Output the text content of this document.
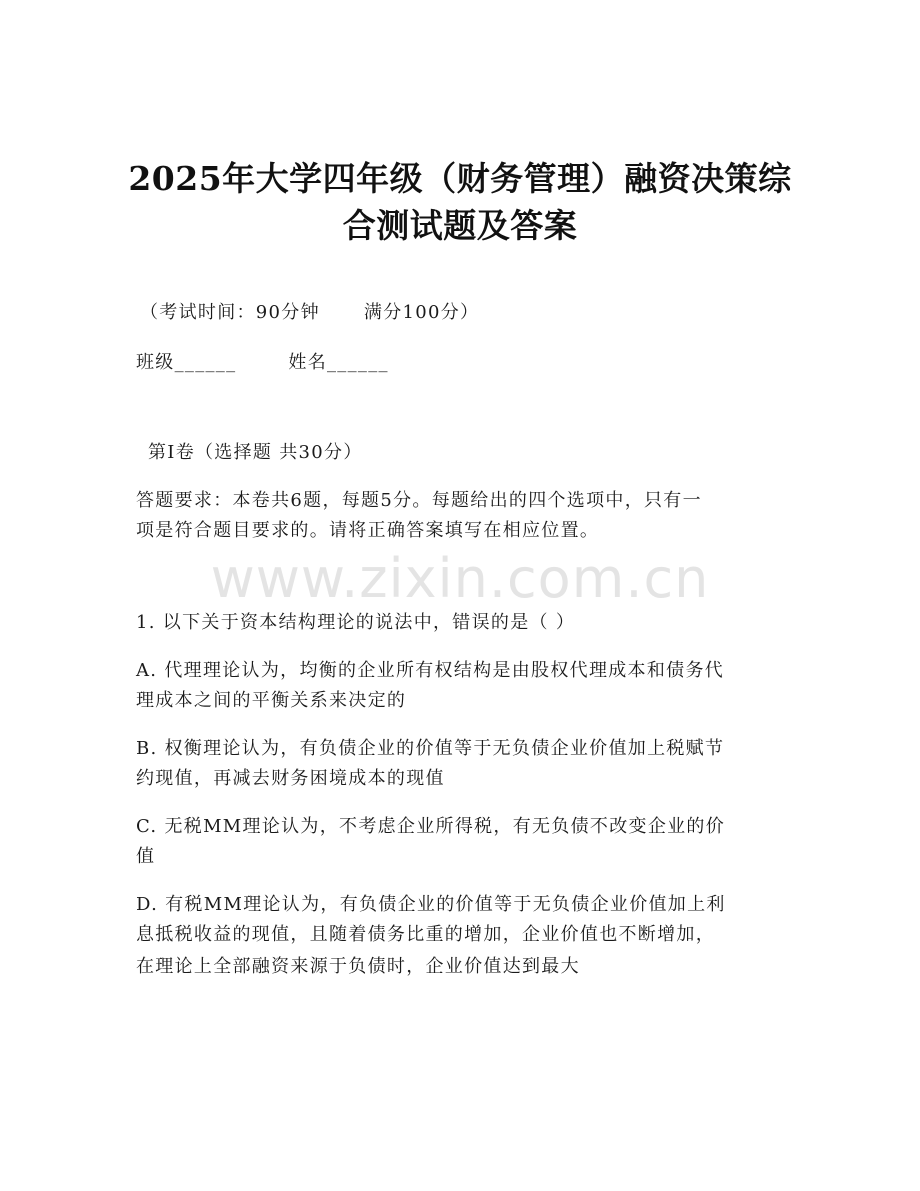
2025年大学四年级（财务管理）融资决策综
合测试题及答案
（考试时间：90分钟 满分100分）
班级______	姓名______
第Ⅰ卷（选择题 共30分）
答题要求：本卷共6题，每题5分。每题给出的四个选项中，只有一
项是符合题目要求的。请将正确答案填写在相应位置。
www.zixin.com.cn
1. 以下关于资本结构理论的说法中，错误的是（ ）
A. 代理理论认为，均衡的企业所有权结构是由股权代理成本和债务代
理成本之间的平衡关系来决定的
B. 权衡理论认为，有负债企业的价值等于无负债企业价值加上税赋节
约现值，再减去财务困境成本的现值
C. 无税MM理论认为，不考虑企业所得税，有无负债不改变企业的价
值
D. 有税MM理论认为，有负债企业的价值等于无负债企业价值加上利
息抵税收益的现值，且随着债务比重的增加，企业价值也不断增加，
在理论上全部融资来源于负债时，企业价值达到最大
